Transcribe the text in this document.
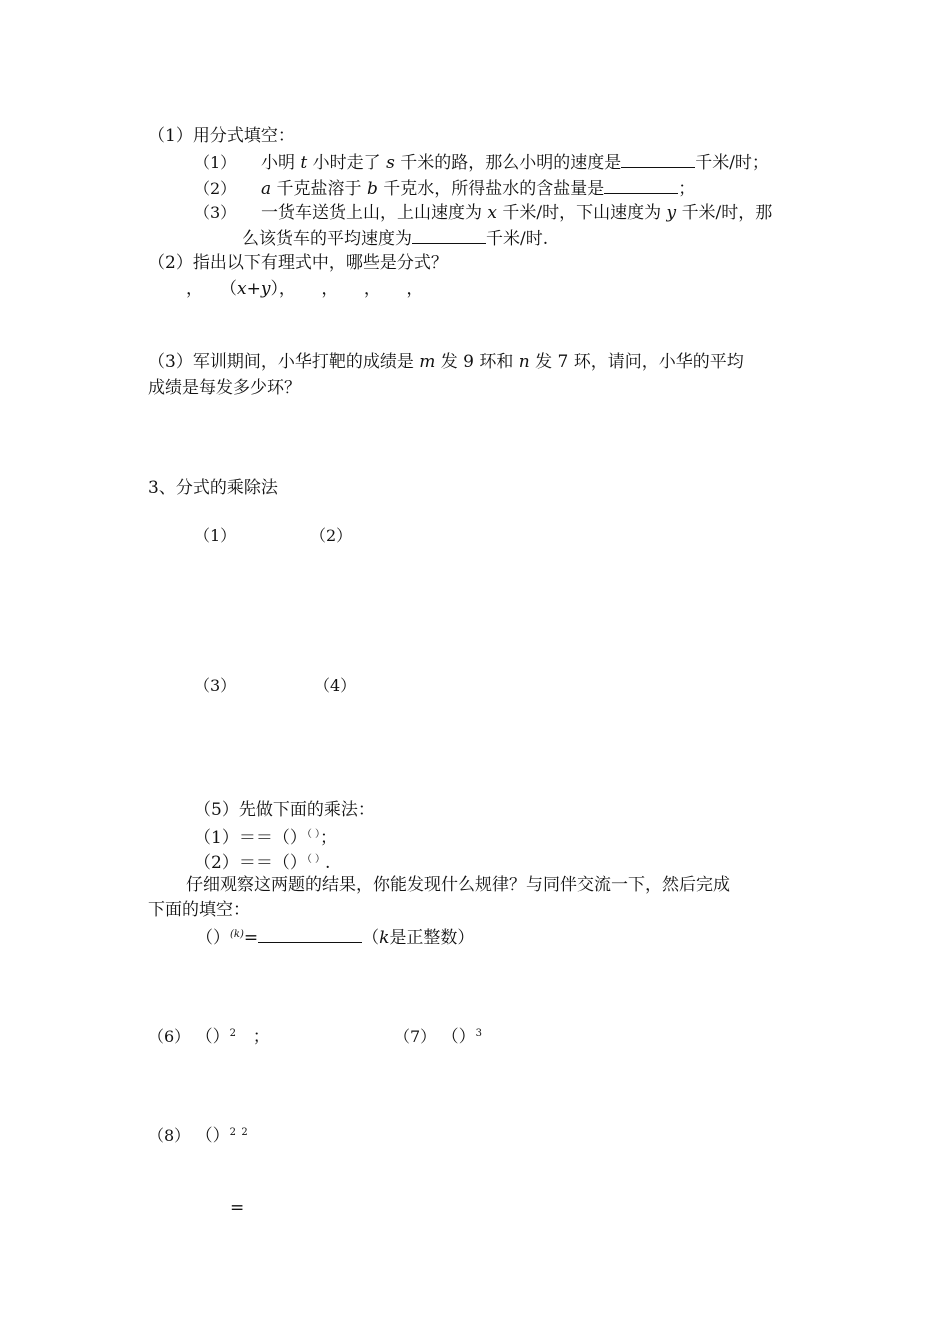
（1）用分式填空：
（1） 小明 t 小时走了 s 千米的路，那么小明的速度是	千米/时；
（2） a 千克盐溶于 b 千克水，所得盐水的含盐量是	；
（3） 一货车送货上山，上山速度为 x 千米/时，下山速度为 y 千米/时，那
么该货车的平均速度为	千米/时.
（2）指出以下有理式中，哪些是分式？
，　　（x+y），　　，　　，　　，
（3）军训期间，小华打靶的成绩是 m 发 9 环和 n 发 7 环，请问，小华的平均
成绩是每发多少环？
3、分式的乘除法
（1）	（2）
（3）	（4）
（5）先做下面的乘法：
（1）＝＝（）（ ）；
（2）＝＝（）（ ）.
仔细观察这两题的结果，你能发现什么规律？与同伴交流一下，然后完成
下面的填空：
（）$^{(k)}$=	（k是正整数）
（6） （）$^2$ ；	（7） （）$^3$
（8） （）$^2$ $^2$
=
